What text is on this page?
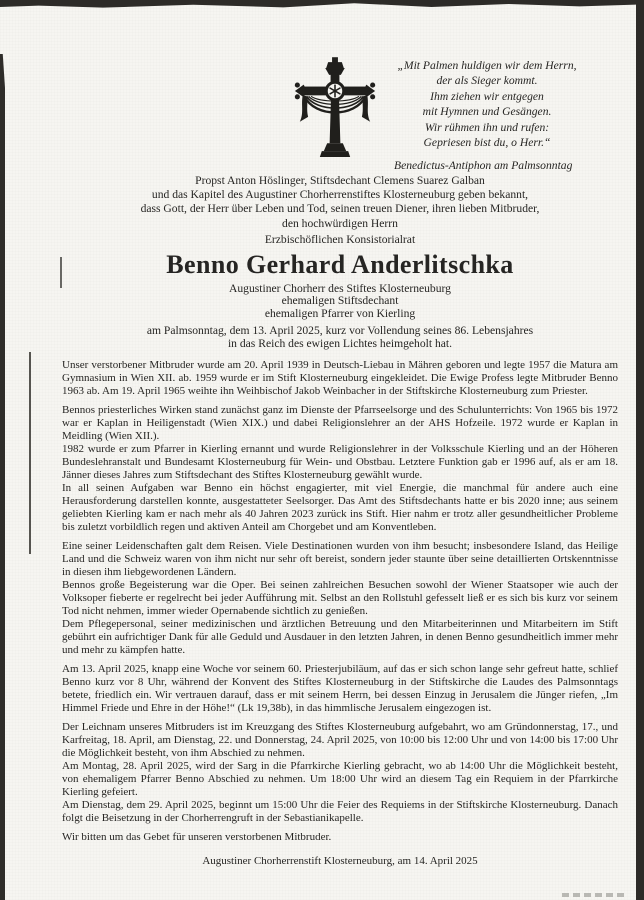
„Mit Palmen huldigen wir dem Herrn,
der als Sieger kommt.
Ihm ziehen wir entgegen
mit Hymnen und Gesängen.
Wir rühmen ihn und rufen:
Gepriesen bist du, o Herr.“
Benedictus-Antiphon am Palmsonntag
Propst Anton Höslinger, Stiftsdechant Clemens Suarez Galban
und das Kapitel des Augustiner Chorherrenstiftes Klosterneuburg geben bekannt,
dass Gott, der Herr über Leben und Tod, seinen treuen Diener, ihren lieben Mitbruder,
den hochwürdigen Herrn
Erzbischöflichen Konsistorialrat
Benno Gerhard Anderlitschka
Augustiner Chorherr des Stiftes Klosterneuburg
ehemaligen Stiftsdechant
ehemaligen Pfarrer von Kierling
am Palmsonntag, dem 13. April 2025, kurz vor Vollendung seines 86. Lebensjahres
in das Reich des ewigen Lichtes heimgeholt hat.

Unser verstorbener Mitbruder wurde am 20. April 1939 in Deutsch-Liebau in Mähren geboren und legte 1957 die Matura am Gymnasium in Wien XII. ab. 1959 wurde er im Stift Klosterneuburg eingekleidet. Die Ewige Profess legte Mitbruder Benno 1963 ab. Am 19. April 1965 weihte ihn Weihbischof Jakob Weinbacher in der Stiftskirche Klosterneuburg zum Priester.

Bennos priesterliches Wirken stand zunächst ganz im Dienste der Pfarrseelsorge und des Schulunterrichts: Von 1965 bis 1972 war er Kaplan in Heiligenstadt (Wien XIX.) und dabei Religionslehrer an der AHS Hofzeile. 1972 wurde er Kaplan in Meidling (Wien XII.).

1982 wurde er zum Pfarrer in Kierling ernannt und wurde Religionslehrer in der Volksschule Kierling und an der Höheren Bundeslehranstalt und Bundesamt Klosterneuburg für Wein- und Obstbau. Letztere Funktion gab er 1996 auf, als er am 18. Jänner dieses Jahres zum Stiftsdechant des Stiftes Klosterneuburg gewählt wurde.

In all seinen Aufgaben war Benno ein höchst engagierter, mit viel Energie, die manchmal für andere auch eine Herausforderung darstellen konnte, ausgestatteter Seelsorger. Das Amt des Stiftsdechants hatte er bis 2020 inne; aus seinem geliebten Kierling kam er nach mehr als 40 Jahren 2023 zurück ins Stift. Hier nahm er trotz aller gesundheitlicher Probleme bis zuletzt vorbildlich regen und aktiven Anteil am Chorgebet und am Konventleben.

Eine seiner Leidenschaften galt dem Reisen. Viele Destinationen wurden von ihm besucht; insbesondere Island, das Heilige Land und die Schweiz waren von ihm nicht nur sehr oft bereist, sondern jeder staunte über seine detaillierten Ortskenntnisse in diesen ihm liebgewordenen Ländern.

Bennos große Begeisterung war die Oper. Bei seinen zahlreichen Besuchen sowohl der Wiener Staatsoper wie auch der Volksoper fieberte er regelrecht bei jeder Aufführung mit. Selbst an den Rollstuhl gefesselt ließ er es sich bis kurz vor seinem Tod nicht nehmen, immer wieder Opernabende sichtlich zu genießen.

Dem Pflegepersonal, seiner medizinischen und ärztlichen Betreuung und den Mitarbeiterinnen und Mitarbeitern im Stift gebührt ein aufrichtiger Dank für alle Geduld und Ausdauer in den letzten Jahren, in denen Benno gesundheitlich immer mehr und mehr zu kämpfen hatte.

Am 13. April 2025, knapp eine Woche vor seinem 60. Priesterjubiläum, auf das er sich schon lange sehr gefreut hatte, schlief Benno kurz vor 8 Uhr, während der Konvent des Stiftes Klosterneuburg in der Stiftskirche die Laudes des Palmsonntags betete, friedlich ein. Wir vertrauen darauf, dass er mit seinem Herrn, bei dessen Einzug in Jerusalem die Jünger riefen, „Im Himmel Friede und Ehre in der Höhe!“ (Lk 19,38b), in das himmlische Jerusalem eingezogen ist.

Der Leichnam unseres Mitbruders ist im Kreuzgang des Stiftes Klosterneuburg aufgebahrt, wo am Gründonnerstag, 17., und Karfreitag, 18. April, am Dienstag, 22. und Donnerstag, 24. April 2025, von 10:00 bis 12:00 Uhr und von 14:00 bis 17:00 Uhr die Möglichkeit besteht, von ihm Abschied zu nehmen.

Am Montag, 28. April 2025, wird der Sarg in die Pfarrkirche Kierling gebracht, wo ab 14:00 Uhr die Möglichkeit besteht, von ehemaligem Pfarrer Benno Abschied zu nehmen. Um 18:00 Uhr wird an diesem Tag ein Requiem in der Pfarrkirche Kierling gefeiert.

Am Dienstag, dem 29. April 2025, beginnt um 15:00 Uhr die Feier des Requiems in der Stiftskirche Klosterneuburg. Danach folgt die Beisetzung in der Chorherrengruft in der Sebastianikapelle.

Wir bitten um das Gebet für unseren verstorbenen Mitbruder.

Augustiner Chorherrenstift Klosterneuburg, am 14. April 2025
